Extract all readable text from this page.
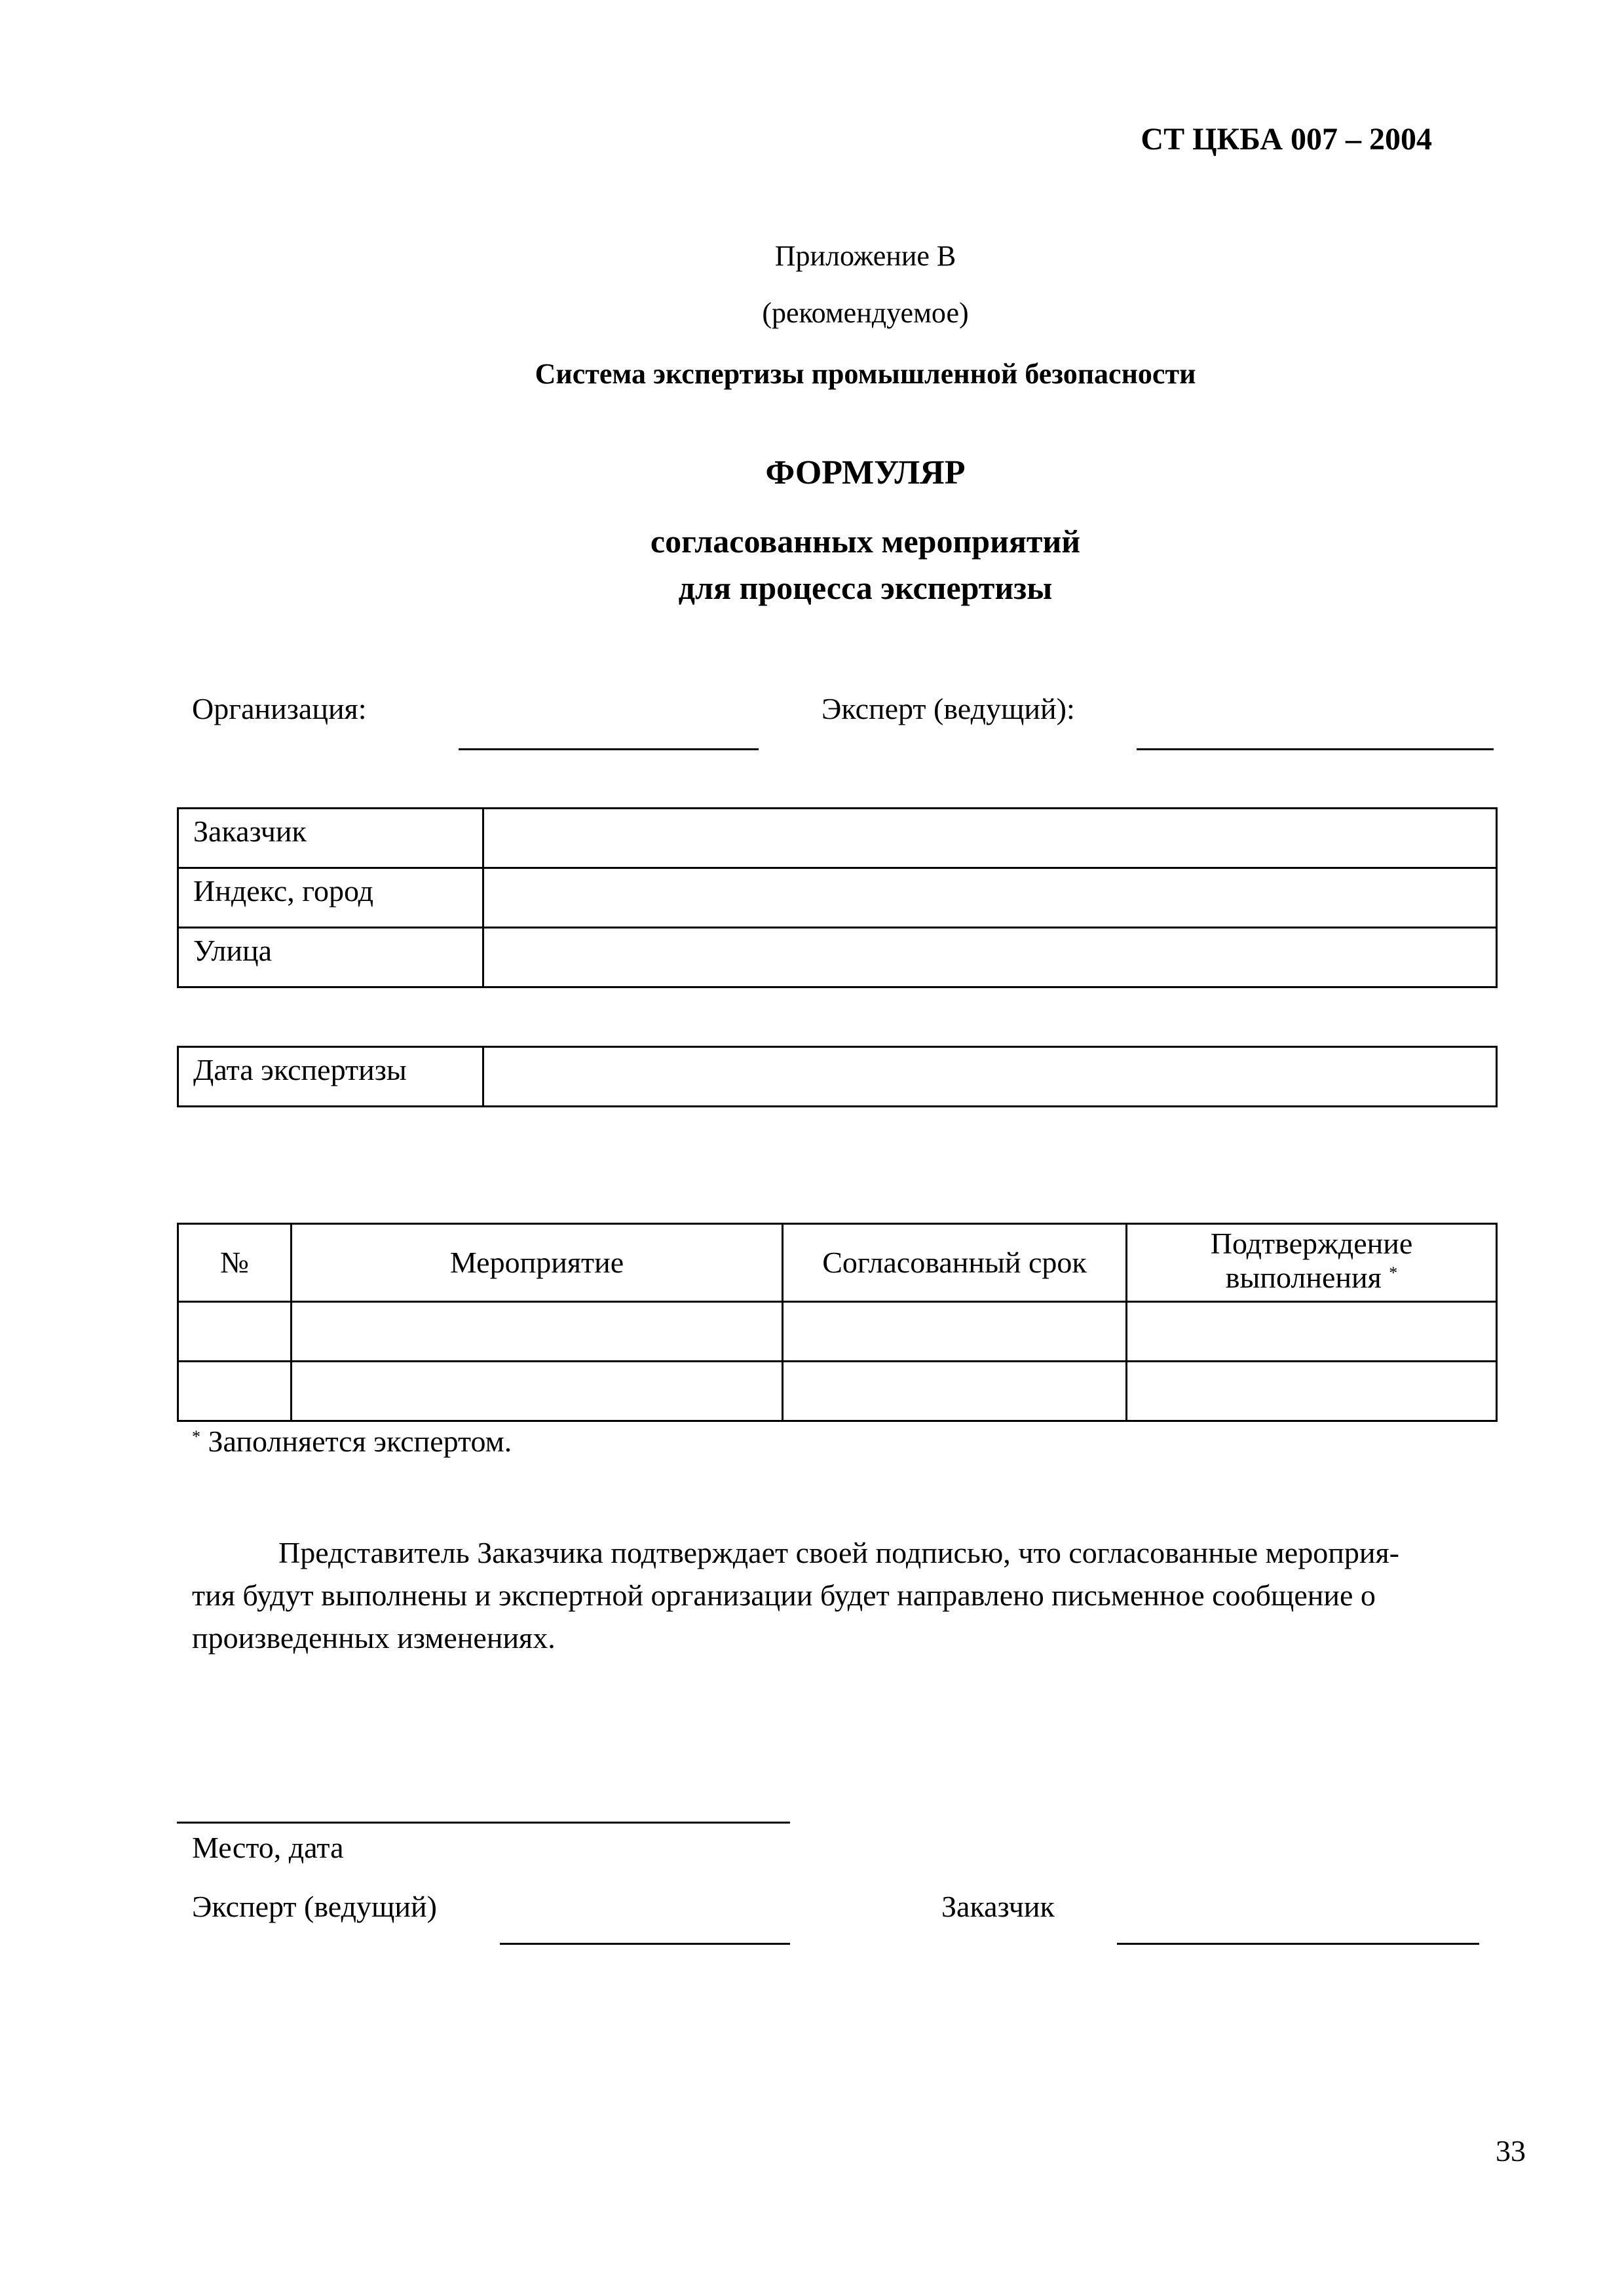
СТ ЦКБА 007 – 2004
Приложение В
(рекомендуемое)
Система экспертизы промышленной безопасности
ФОРМУЛЯР
согласованных мероприятий
для процесса экспертизы
Организация:	Эксперт (ведущий):
Заказчик	
Индекс, город	
Улица	
Дата экспертизы	
№	Мероприятие	Согласованный срок	Подтверждение
выполнения *

* Заполняется экспертом.
Представитель Заказчика подтверждает своей подписью, что согласованные мероприя-
тия будут выполнены и экспертной организации будет направлено письменное сообщение о
произведенных изменениях.
Место, дата
Эксперт (ведущий)	Заказчик
33
